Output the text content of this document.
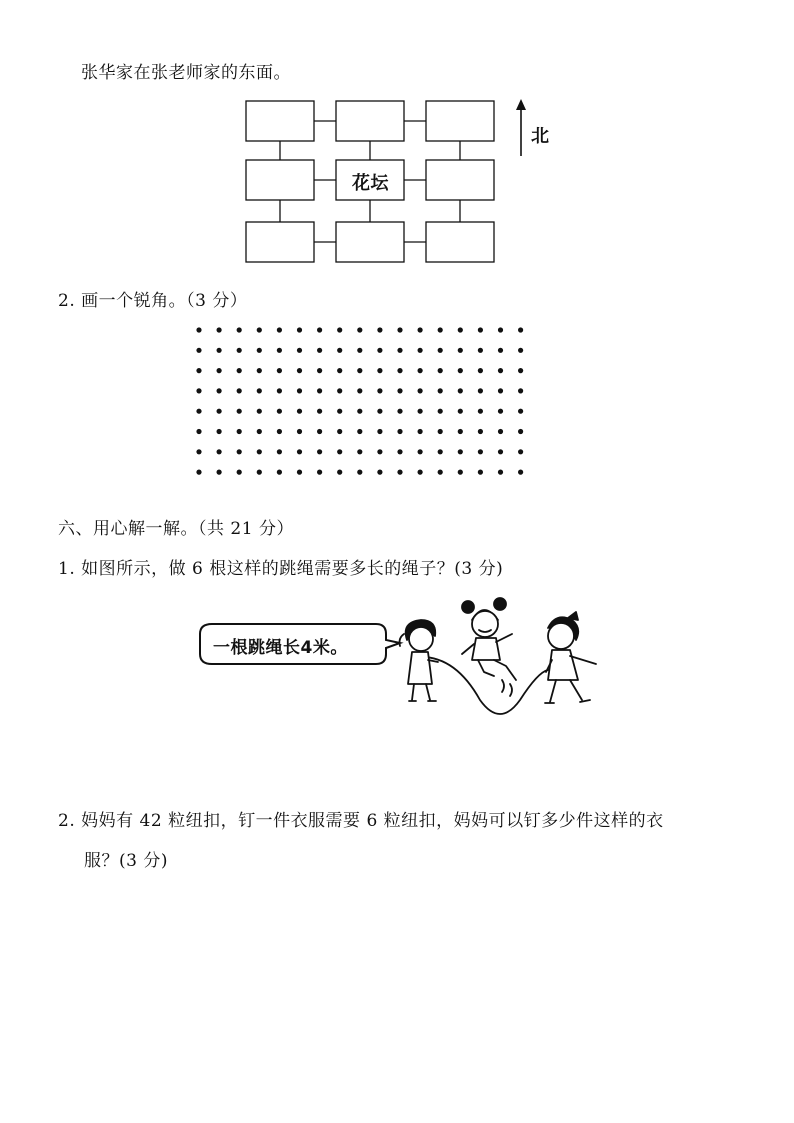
张华家在张老师家的东面。
花坛
北
2. 画一个锐角。（3 分）
六、用心解一解。（共 21 分）
1. 如图所示，做 6 根这样的跳绳需要多长的绳子？(3 分)
一根跳绳长4米。
2. 妈妈有 42 粒纽扣，钉一件衣服需要 6 粒纽扣，妈妈可以钉多少件这样的衣
服？(3 分)
